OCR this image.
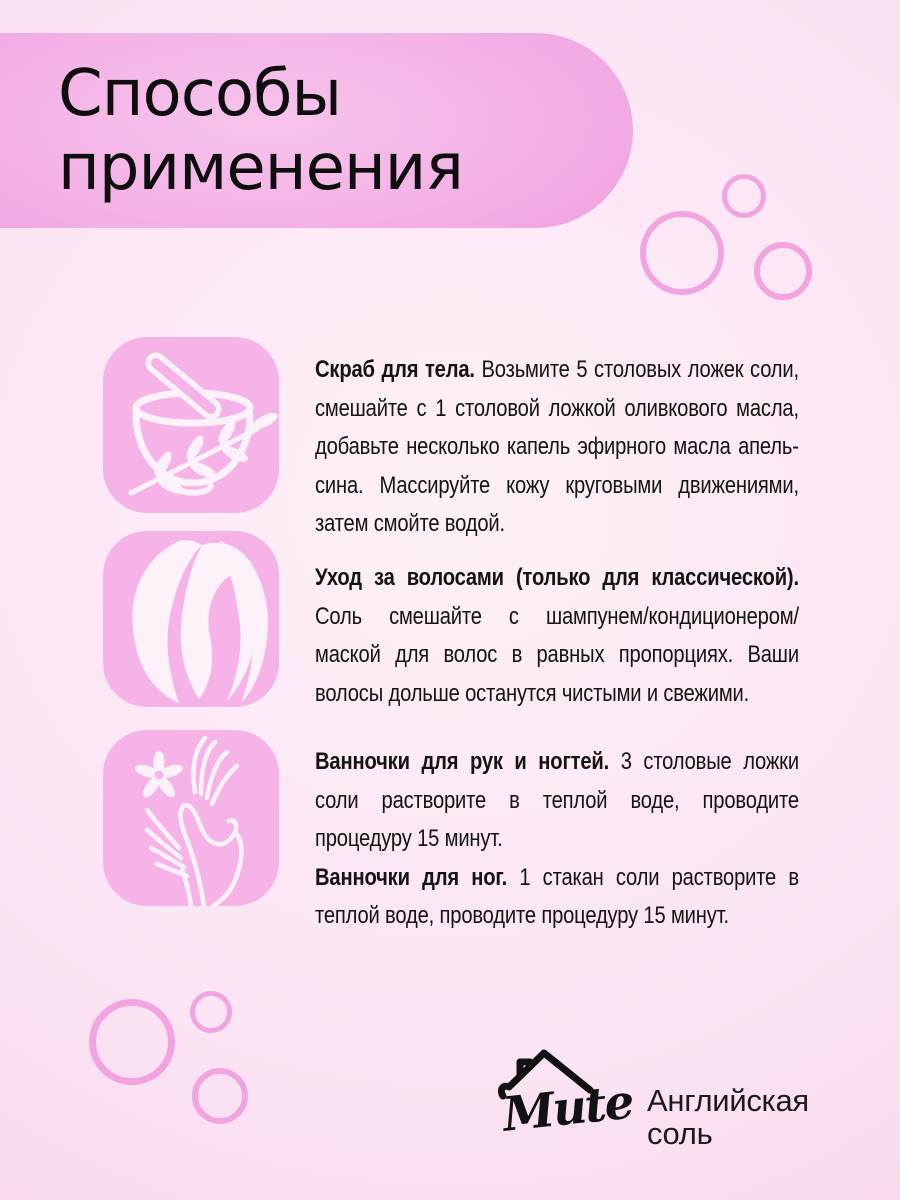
Способы применения

Скраб для тела. Возьмите 5 столовых ложек соли, смешайте с 1 столовой ложкой оливкового масла, добавьте несколько капель эфирного масла апельсина. Массируйте кожу круговыми движениями, затем смойте водой.

Уход за волосами (только для классической). Соль смешайте с шампунем/кондиционером/маской для волос в равных пропорциях. Ваши волосы дольше останутся чистыми и свежими.

Ванночки для рук и ногтей. 3 столовые ложки соли растворите в теплой воде, проводите процедуру 15 минут.

Ванночки для ног. 1 стакан соли растворите в теплой воде, проводите процедуру 15 минут.

Mute Английская соль
